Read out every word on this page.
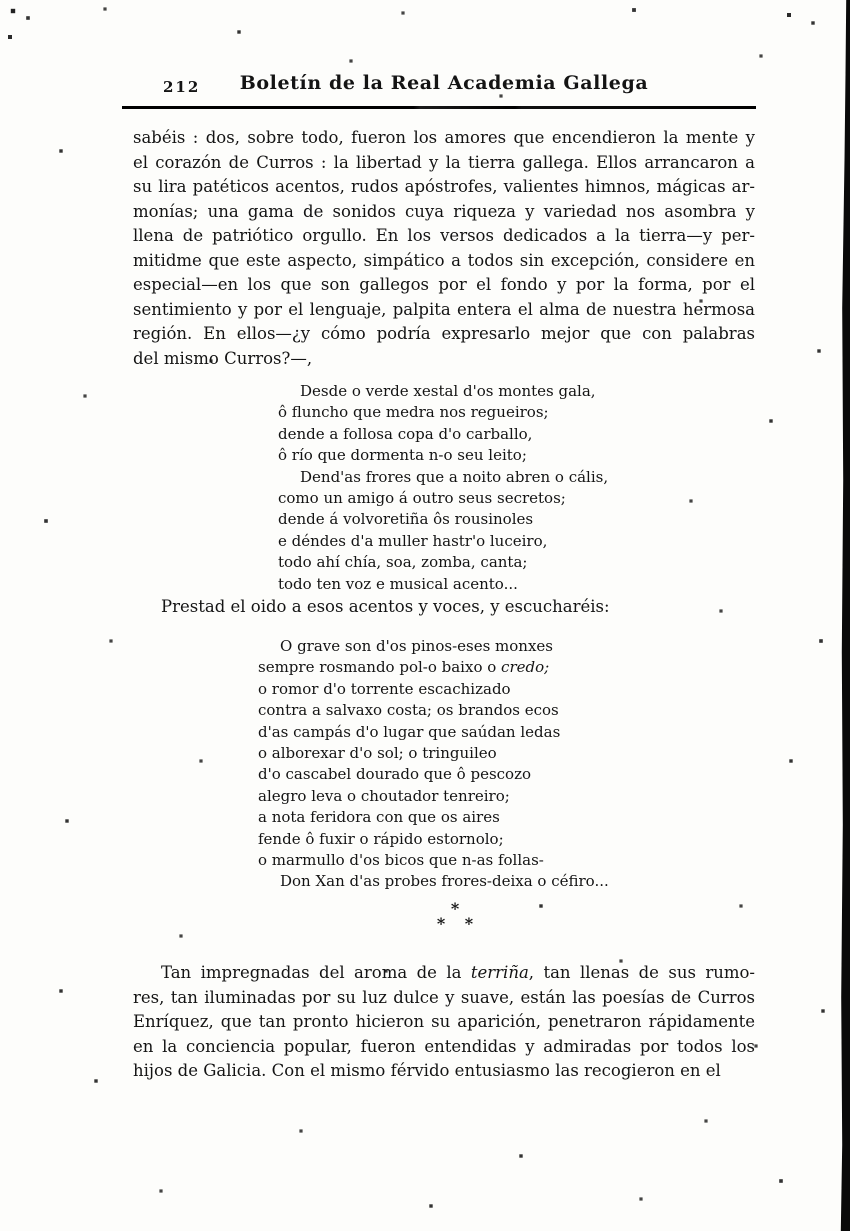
212	Boletín de la Real Academia Gallega
sabéis : dos, sobre todo, fueron los amores que encendieron la mente y
el corazón de Curros : la libertad y la tierra gallega. Ellos arrancaron a
su lira patéticos acentos, rudos apóstrofes, valientes himnos, mágicas ar-
monías; una gama de sonidos cuya riqueza y variedad nos asombra y
llena de patriótico orgullo. En los versos dedicados a la tierra—y per-
mitidme que este aspecto, simpático a todos sin excepción, considere en
especial—en los que son gallegos por el fondo y por la forma, por el
sentimiento y por el lenguaje, palpita entera el alma de nuestra hermosa
región. En ellos—¿y cómo podría expresarlo mejor que con palabras
del mismo Curros?—,
Desde o verde xestal d'os montes gala,
ô fluncho que medra nos regueiros;
dende a follosa copa d'o carballo,
ô río que dormenta n-o seu leito;
Dend'as frores que a noito abren o cális,
como un amigo á outro seus secretos;
dende á volvoretiña ôs rousinoles
e déndes d'a muller hastr'o luceiro,
todo ahí chía, soa, zomba, canta;
todo ten voz e musical acento...
Prestad el oido a esos acentos y voces, y escucharéis:
O grave son d'os pinos-eses monxes
sempre rosmando pol-o baixo o credo;
o romor d'o torrente escachizado
contra a salvaxo costa; os brandos ecos
d'as campás d'o lugar que saúdan ledas
o alborexar d'o sol; o tringuileo
d'o cascabel dourado que ô pescozo
alegro leva o choutador tenreiro;
a nota feridora con que os aires
fende ô fuxir o rápido estornolo;
o marmullo d'os bicos que n-as follas-
Don Xan d'as probes frores-deixa o céfiro...
*
* *
Tan impregnadas del aroma de la terriña, tan llenas de sus rumo-
res, tan iluminadas por su luz dulce y suave, están las poesías de Curros
Enríquez, que tan pronto hicieron su aparición, penetraron rápidamente
en la conciencia popular, fueron entendidas y admiradas por todos los
hijos de Galicia. Con el mismo férvido entusiasmo las recogieron en el
